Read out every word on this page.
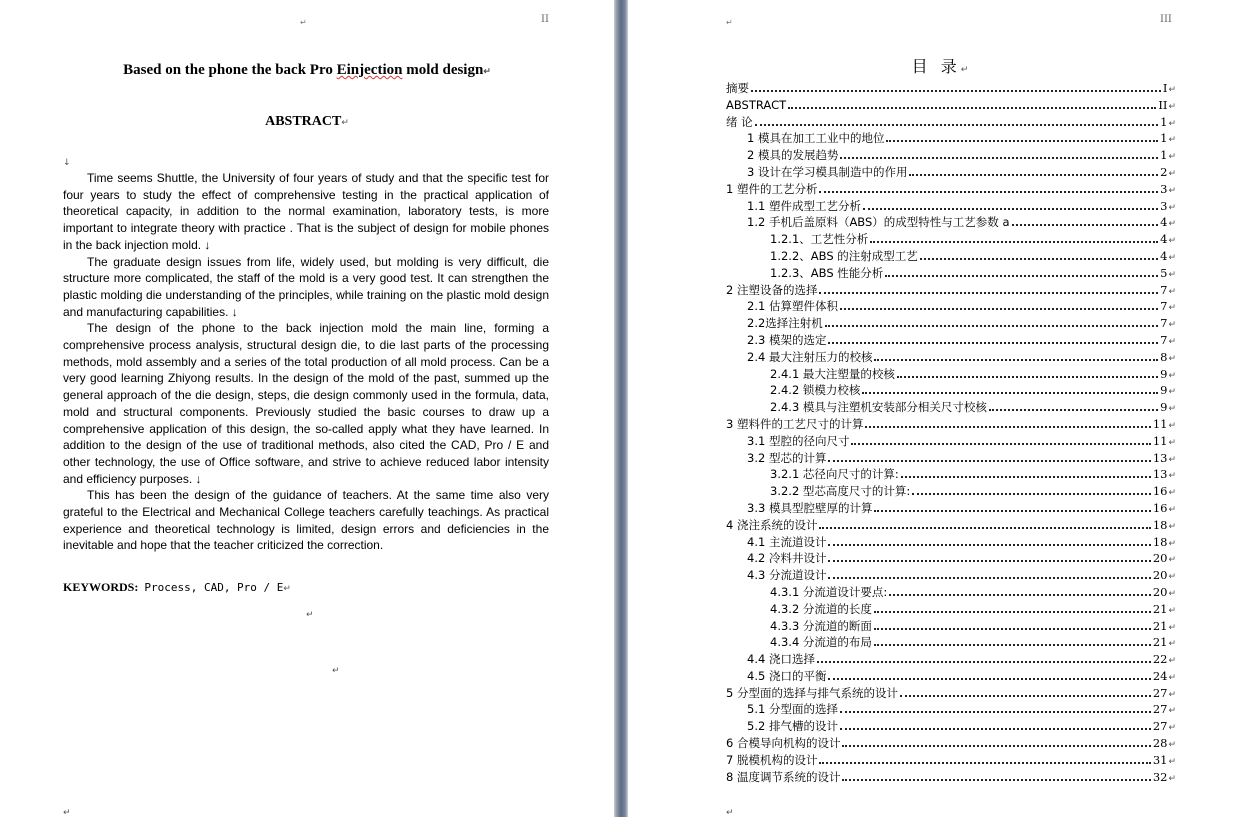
↵	II
Based on the phone the back Pro Einjection mold design↵
ABSTRACT↵
↓

Time seems Shuttle, the University of four years of study and that the specific test for four years to study the effect of comprehensive testing in the practical application of theoretical capacity, in addition to the normal examination, laboratory tests, is more important to integrate theory with practice . That is the subject of design for mobile phones in the back injection mold. ↓

The graduate design issues from life, widely used, but molding is very difficult, die structure more complicated, the staff of the mold is a very good test. It can strengthen the plastic molding die understanding of the principles, while training on the plastic mold design and manufacturing capabilities. ↓

The design of the phone to the back injection mold the main line, forming a comprehensive process analysis, structural design die, to die last parts of the processing methods, mold assembly and a series of the total production of all mold process. Can be a very good learning Zhiyong results. In the design of the mold of the past, summed up the general approach of the die design, steps, die design commonly used in the formula, data, mold and structural components. Previously studied the basic courses to draw up a comprehensive application of this design, the so-called apply what they have learned. In addition to the design of the use of traditional methods, also cited the CAD, Pro / E and other technology, the use of Office software, and strive to achieve reduced labor intensity and efficiency purposes. ↓

This has been the design of the guidance of teachers. At the same time also very grateful to the Electrical and Mechanical College teachers carefully teachings. As practical experience and theoretical technology is limited, design errors and deficiencies in the inevitable and hope that the teacher criticized the correction.

KEYWORDS: Process, CAD, Pro / E↵
↵
↵
↵
↵	III
目 录↵
摘要	I ↵
ABSTRACT	II ↵
绪 论	1 ↵
1 模具在加工工业中的地位	1 ↵
2 模具的发展趋势	1 ↵
3 设计在学习模具制造中的作用	2 ↵
1 塑件的工艺分析	3 ↵
1.1 塑件成型工艺分析	3 ↵
1.2 手机后盖原料（ABS）的成型特性与工艺参数 a	4 ↵
1.2.1、工艺性分析	4 ↵
1.2.2、ABS 的注射成型工艺	4 ↵
1.2.3、ABS 性能分析	5 ↵
2 注塑设备的选择	7 ↵
2.1 估算塑件体积	7 ↵
2.2选择注射机	7 ↵
2.3 模架的选定	7 ↵
2.4 最大注射压力的校核	8 ↵
2.4.1 最大注塑量的校核	9 ↵
2.4.2 锁模力校核	9 ↵
2.4.3 模具与注塑机安装部分相关尺寸校核	9 ↵
3 塑料件的工艺尺寸的计算	11 ↵
3.1 型腔的径向尺寸	11 ↵
3.2 型芯的计算	13 ↵
3.2.1 芯径向尺寸的计算:	13 ↵
3.2.2 型芯高度尺寸的计算:	16 ↵
3.3 模具型腔壁厚的计算	16 ↵
4 浇注系统的设计	18 ↵
4.1 主流道设计	18 ↵
4.2 冷料井设计	20 ↵
4.3 分流道设计	20 ↵
4.3.1 分流道设计要点:	20 ↵
4.3.2 分流道的长度	21 ↵
4.3.3 分流道的断面	21 ↵
4.3.4 分流道的布局	21 ↵
4.4 浇口选择	22 ↵
4.5 浇口的平衡	24 ↵
5 分型面的选择与排气系统的设计	27 ↵
5.1 分型面的选择	27 ↵
5.2 排气槽的设计	27 ↵
6 合模导向机构的设计	28 ↵
7 脱模机构的设计	31 ↵
8 温度调节系统的设计	32 ↵
↵
